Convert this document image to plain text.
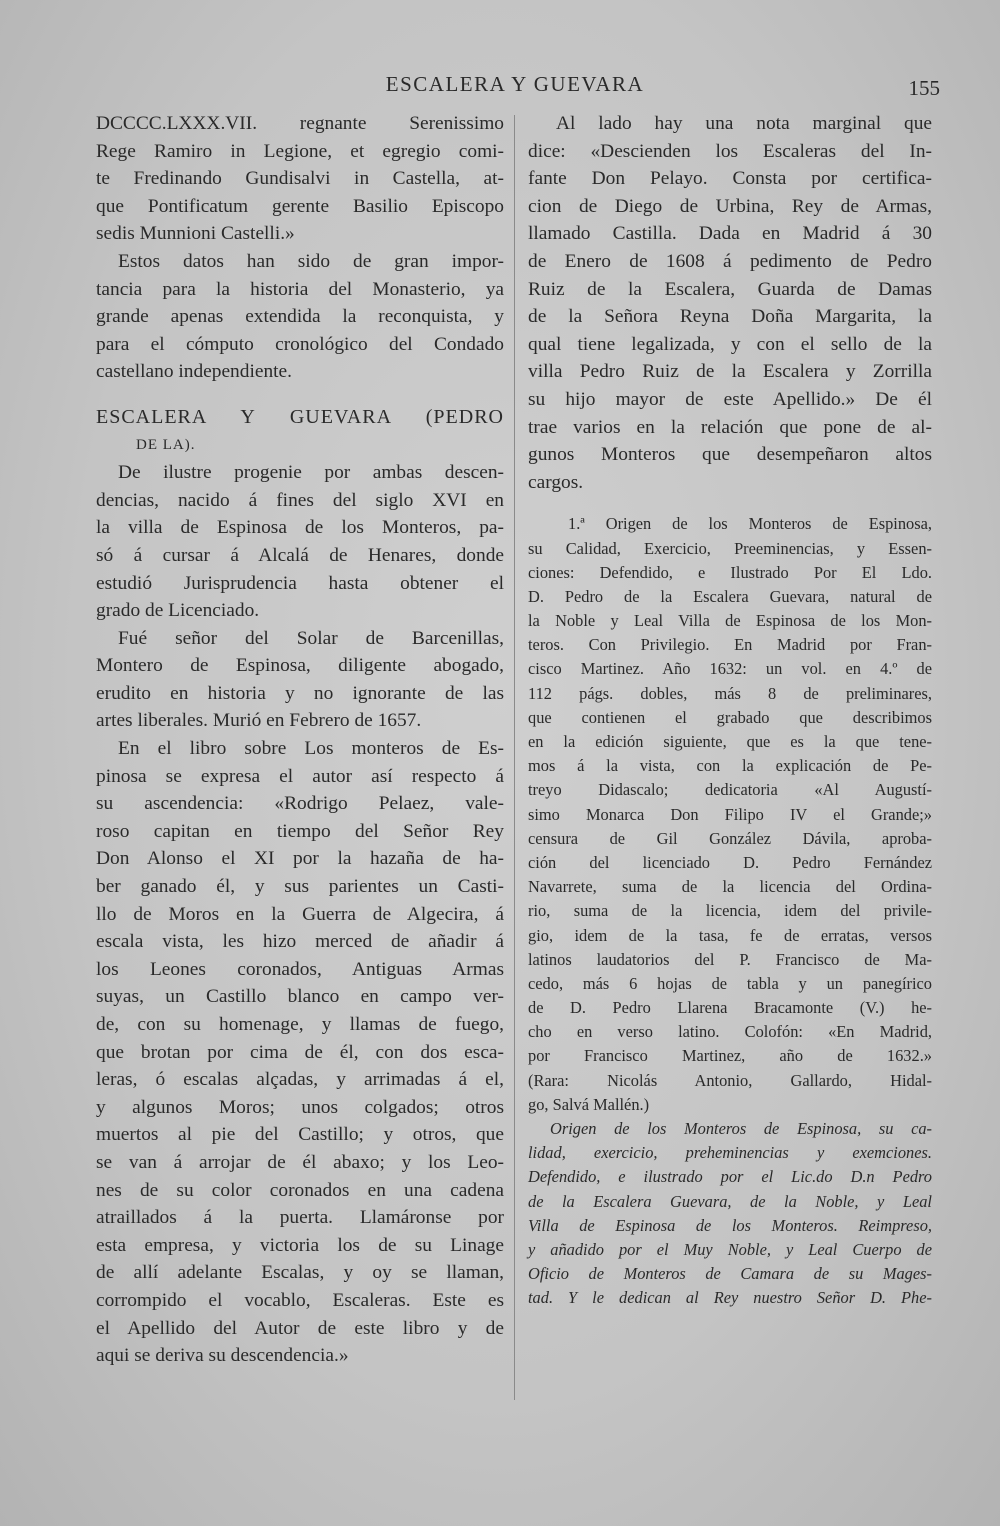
ESCALERA Y GUEVARA	155
DCCCC.LXXX.VII. regnante Serenissimo
Rege Ramiro in Legione, et egregio comi-
te Fredinando Gundisalvi in Castella, at-
que Pontificatum gerente Basilio Episcopo
sedis Munnioni Castelli.»
Estos datos han sido de gran impor-
tancia para la historia del Monasterio, ya
grande apenas extendida la reconquista, y
para el cómputo cronológico del Condado
castellano independiente.
ESCALERA Y GUEVARA (PEDRO
DE LA).
De ilustre progenie por ambas descen-
dencias, nacido á fines del siglo XVI en
la villa de Espinosa de los Monteros, pa-
só á cursar á Alcalá de Henares, donde
estudió Jurisprudencia hasta obtener el
grado de Licenciado.
Fué señor del Solar de Barcenillas,
Montero de Espinosa, diligente abogado,
erudito en historia y no ignorante de las
artes liberales. Murió en Febrero de 1657.
En el libro sobre Los monteros de Es-
pinosa se expresa el autor así respecto á
su ascendencia: «Rodrigo Pelaez, vale-
roso capitan en tiempo del Señor Rey
Don Alonso el XI por la hazaña de ha-
ber ganado él, y sus parientes un Casti-
llo de Moros en la Guerra de Algecira, á
escala vista, les hizo merced de añadir á
los Leones coronados, Antiguas Armas
suyas, un Castillo blanco en campo ver-
de, con su homenage, y llamas de fuego,
que brotan por cima de él, con dos esca-
leras, ó escalas alçadas, y arrimadas á el,
y algunos Moros; unos colgados; otros
muertos al pie del Castillo; y otros, que
se van á arrojar de él abaxo; y los Leo-
nes de su color coronados en una cadena
atraillados á la puerta. Llamáronse por
esta empresa, y victoria los de su Linage
de allí adelante Escalas, y oy se llaman,
corrompido el vocablo, Escaleras. Este es
el Apellido del Autor de este libro y de
aqui se deriva su descendencia.»
Al lado hay una nota marginal que
dice: «Descienden los Escaleras del In-
fante Don Pelayo. Consta por certifica-
cion de Diego de Urbina, Rey de Armas,
llamado Castilla. Dada en Madrid á 30
de Enero de 1608 á pedimento de Pedro
Ruiz de la Escalera, Guarda de Damas
de la Señora Reyna Doña Margarita, la
qual tiene legalizada, y con el sello de la
villa Pedro Ruiz de la Escalera y Zorrilla
su hijo mayor de este Apellido.» De él
trae varios en la relación que pone de al-
gunos Monteros que desempeñaron altos
cargos.
1.ª Origen de los Monteros de Espinosa,
su Calidad, Exercicio, Preeminencias, y Essen-
ciones: Defendido, e Ilustrado Por El Ldo.
D. Pedro de la Escalera Guevara, natural de
la Noble y Leal Villa de Espinosa de los Mon-
teros. Con Privilegio. En Madrid por Fran-
cisco Martinez. Año 1632: un vol. en 4.º de
112 págs. dobles, más 8 de preliminares,
que contienen el grabado que describimos
en la edición siguiente, que es la que tene-
mos á la vista, con la explicación de Pe-
treyo Didascalo; dedicatoria «Al Augustí-
simo Monarca Don Filipo IV el Grande;»
censura de Gil González Dávila, aproba-
ción del licenciado D. Pedro Fernández
Navarrete, suma de la licencia del Ordina-
rio, suma de la licencia, idem del privile-
gio, idem de la tasa, fe de erratas, versos
latinos laudatorios del P. Francisco de Ma-
cedo, más 6 hojas de tabla y un panegírico
de D. Pedro Llarena Bracamonte (V.) he-
cho en verso latino. Colofón: «En Madrid,
por Francisco Martinez, año de 1632.»
(Rara: Nicolás Antonio, Gallardo, Hidal-
go, Salvá Mallén.)
Origen de los Monteros de Espinosa, su ca-
lidad, exercicio, preheminencias y exemciones.
Defendido, e ilustrado por el Lic.do D.n Pedro
de la Escalera Guevara, de la Noble, y Leal
Villa de Espinosa de los Monteros. Reimpreso,
y añadido por el Muy Noble, y Leal Cuerpo de
Oficio de Monteros de Camara de su Mages-
tad. Y le dedican al Rey nuestro Señor D. Phe-
